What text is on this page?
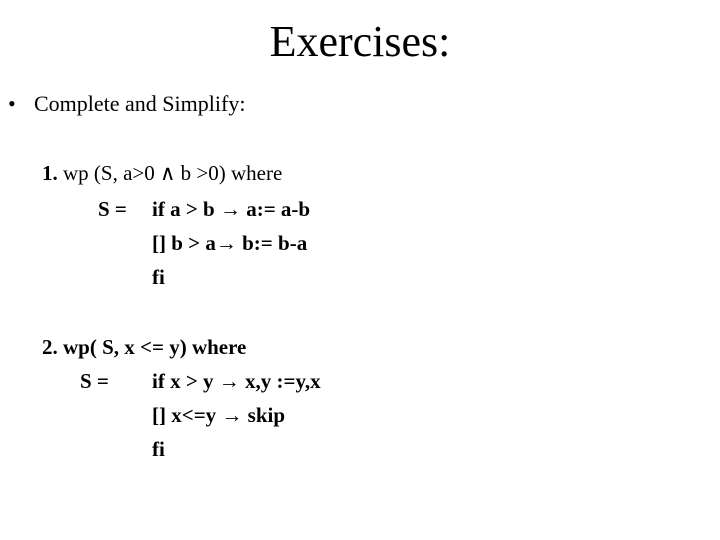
Exercises:
• Complete and Simplify:
1. wp (S, a>0 ∧ b >0) where
S = if a > b → a:= a-b
[] b > a→ b:= b-a
fi
2. wp( S, x <= y) where
S = if x > y → x,y :=y,x
[] x<=y → skip
fi
